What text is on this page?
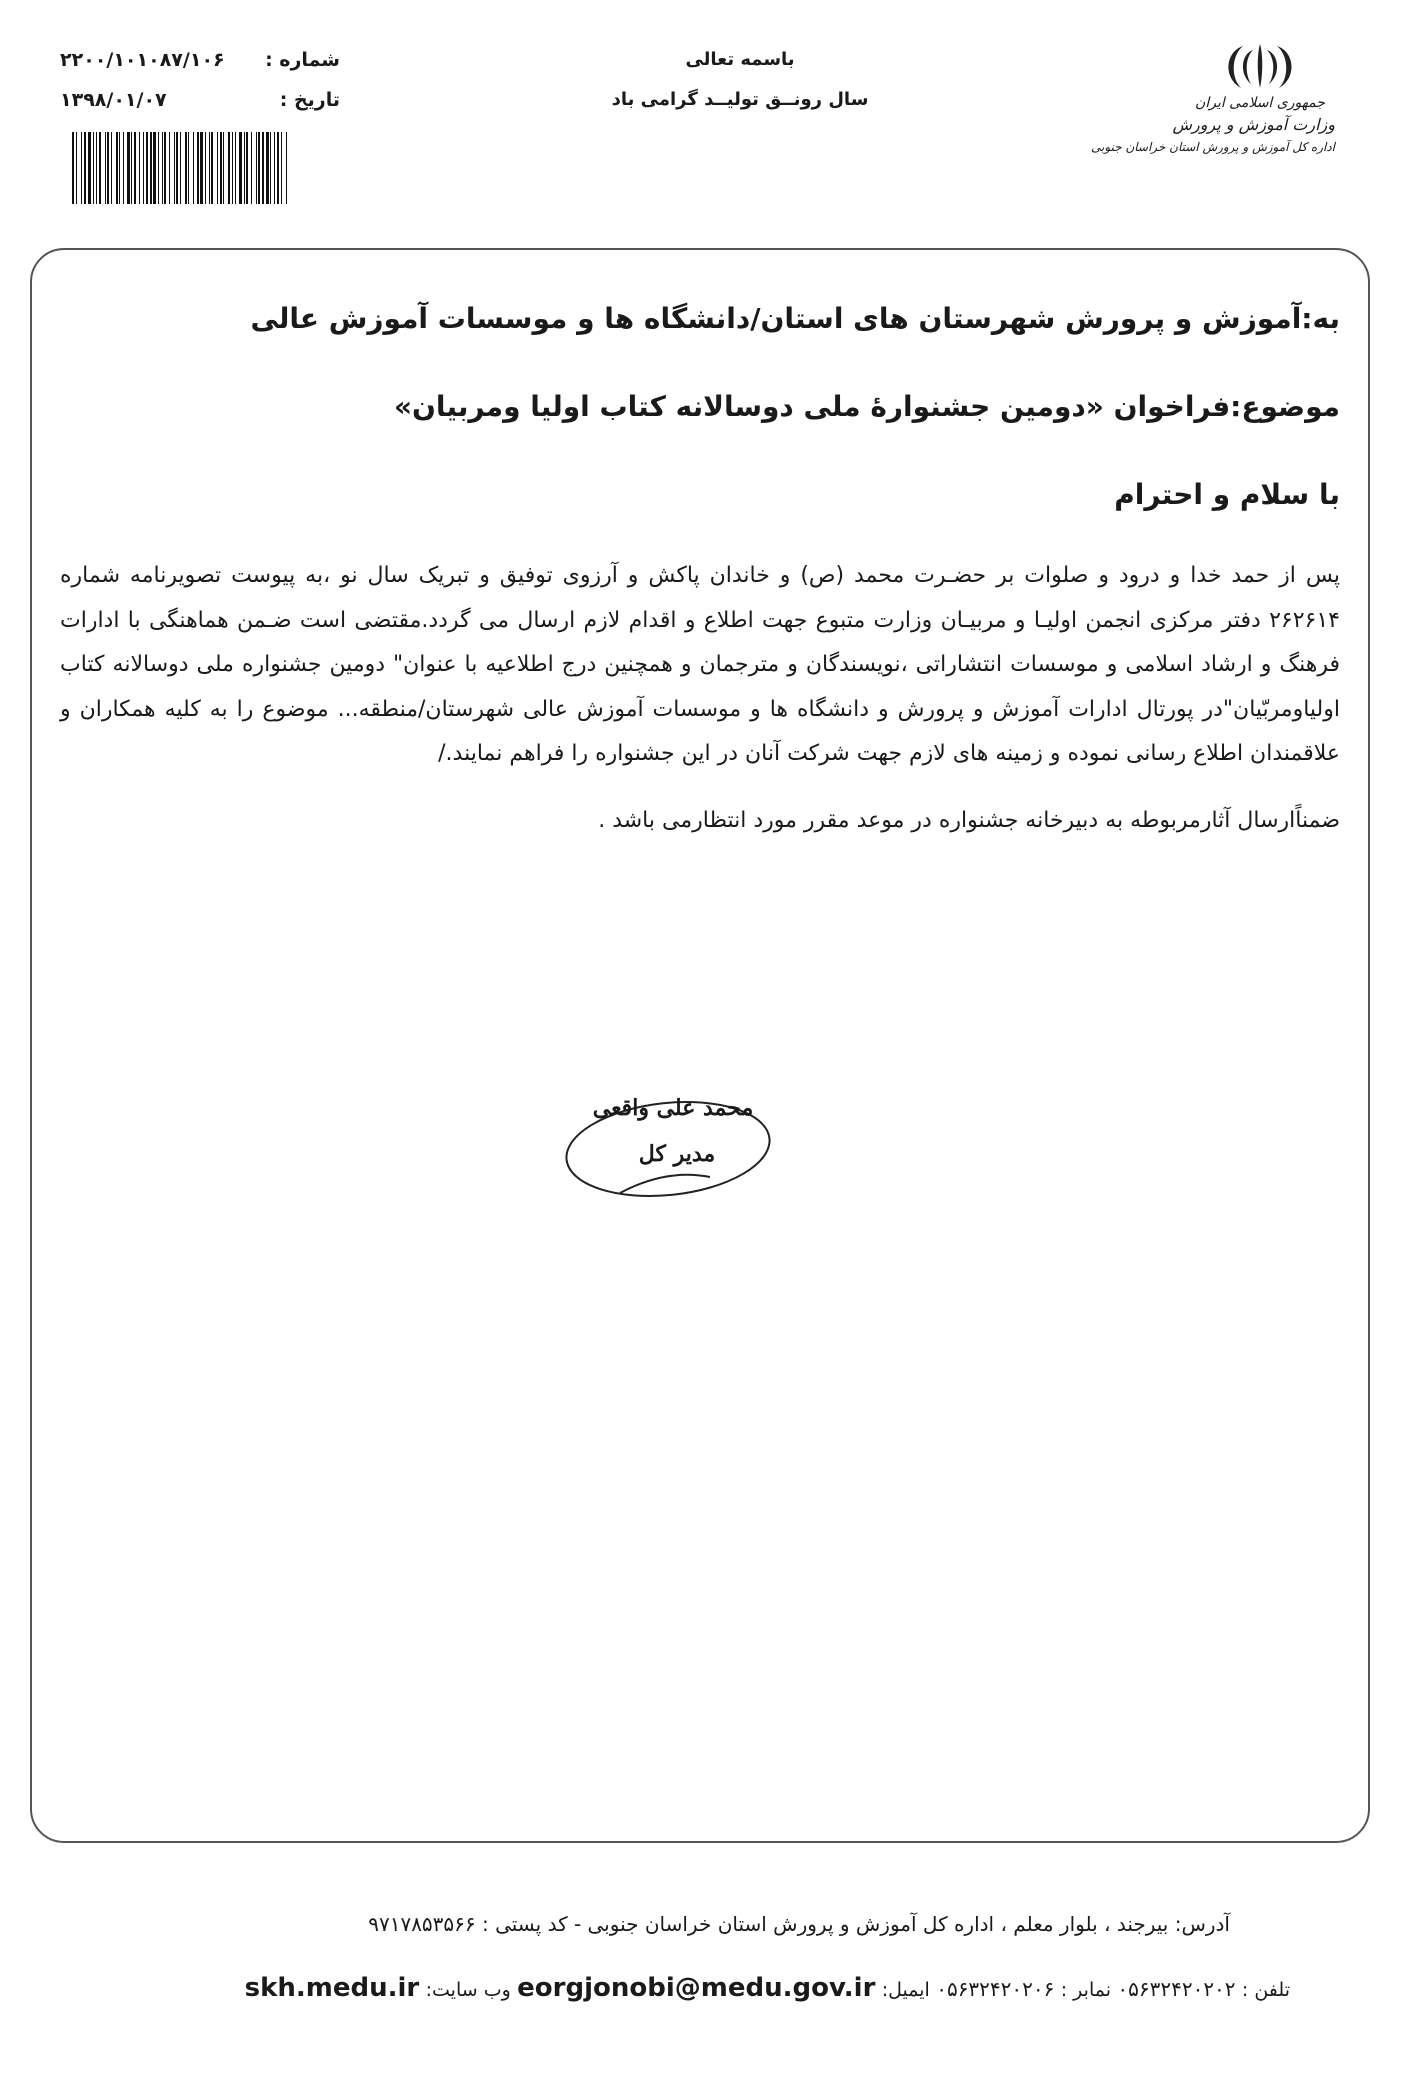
جمهوری اسلامی ایران
وزارت آموزش و پرورش
اداره کل آموزش و پرورش استان خراسان جنوبی
باسمه تعالی
سال رونــق تولیــد گرامی باد
شماره :
۲۲۰۰/۱۰۱۰۸۷/۱۰۶
تاریخ :
۱۳۹۸/۰۱/۰۷
به:آموزش و پرورش شهرستان های استان/دانشگاه ها و موسسات آموزش عالی
موضوع:فراخوان «دومین جشنوارهٔ ملی دوسالانه کتاب اولیا ومربیان»
با سلام و احترام

پس از حمد خدا و درود و صلوات بر حضـرت محمد (ص) و خاندان پاکش و آرزوی توفیق و تبریک سال نو ،به پیوست تصویرنامه شماره ۲۶۲۶۱۴ دفتر مرکزی انجمن اولیـا و مربیـان وزارت متبوع جهت اطلاع و اقدام لازم ارسال می گردد.مقتضی است ضـمن هماهنگی با ادارات فرهنگ و ارشاد اسلامی و موسسات انتشاراتی ،نویسندگان و مترجمان و همچنین درج اطلاعیه با عنوان" دومین جشنواره ملی دوسالانه کتاب اولیاومربّیان"در پورتال ادارات آموزش و پرورش و دانشگاه ها و موسسات آموزش عالی شهرستان/منطقه... موضوع را به کلیه همکاران و علاقمندان اطلاع رسانی نموده و زمینه های لازم جهت شرکت آنان در این جشنواره را فراهم نمایند./

ضمناًارسال آثارمربوطه به دبیرخانه جشنواره در موعد مقرر مورد انتظارمی باشد .

محمد علی واقعی
مدیر کل
آدرس: بیرجند ، بلوار معلم ، اداره کل آموزش و پرورش استان خراسان جنوبی - کد پستی : ۹۷۱۷۸۵۳۵۶۶
تلفن : ۰۵۶۳۲۴۲۰۲۰۲ نمابر : ۰۵۶۳۲۴۲۰۲۰۶ ایمیل: eorgjonobi@medu.gov.ir وب سایت: skh.medu.ir
